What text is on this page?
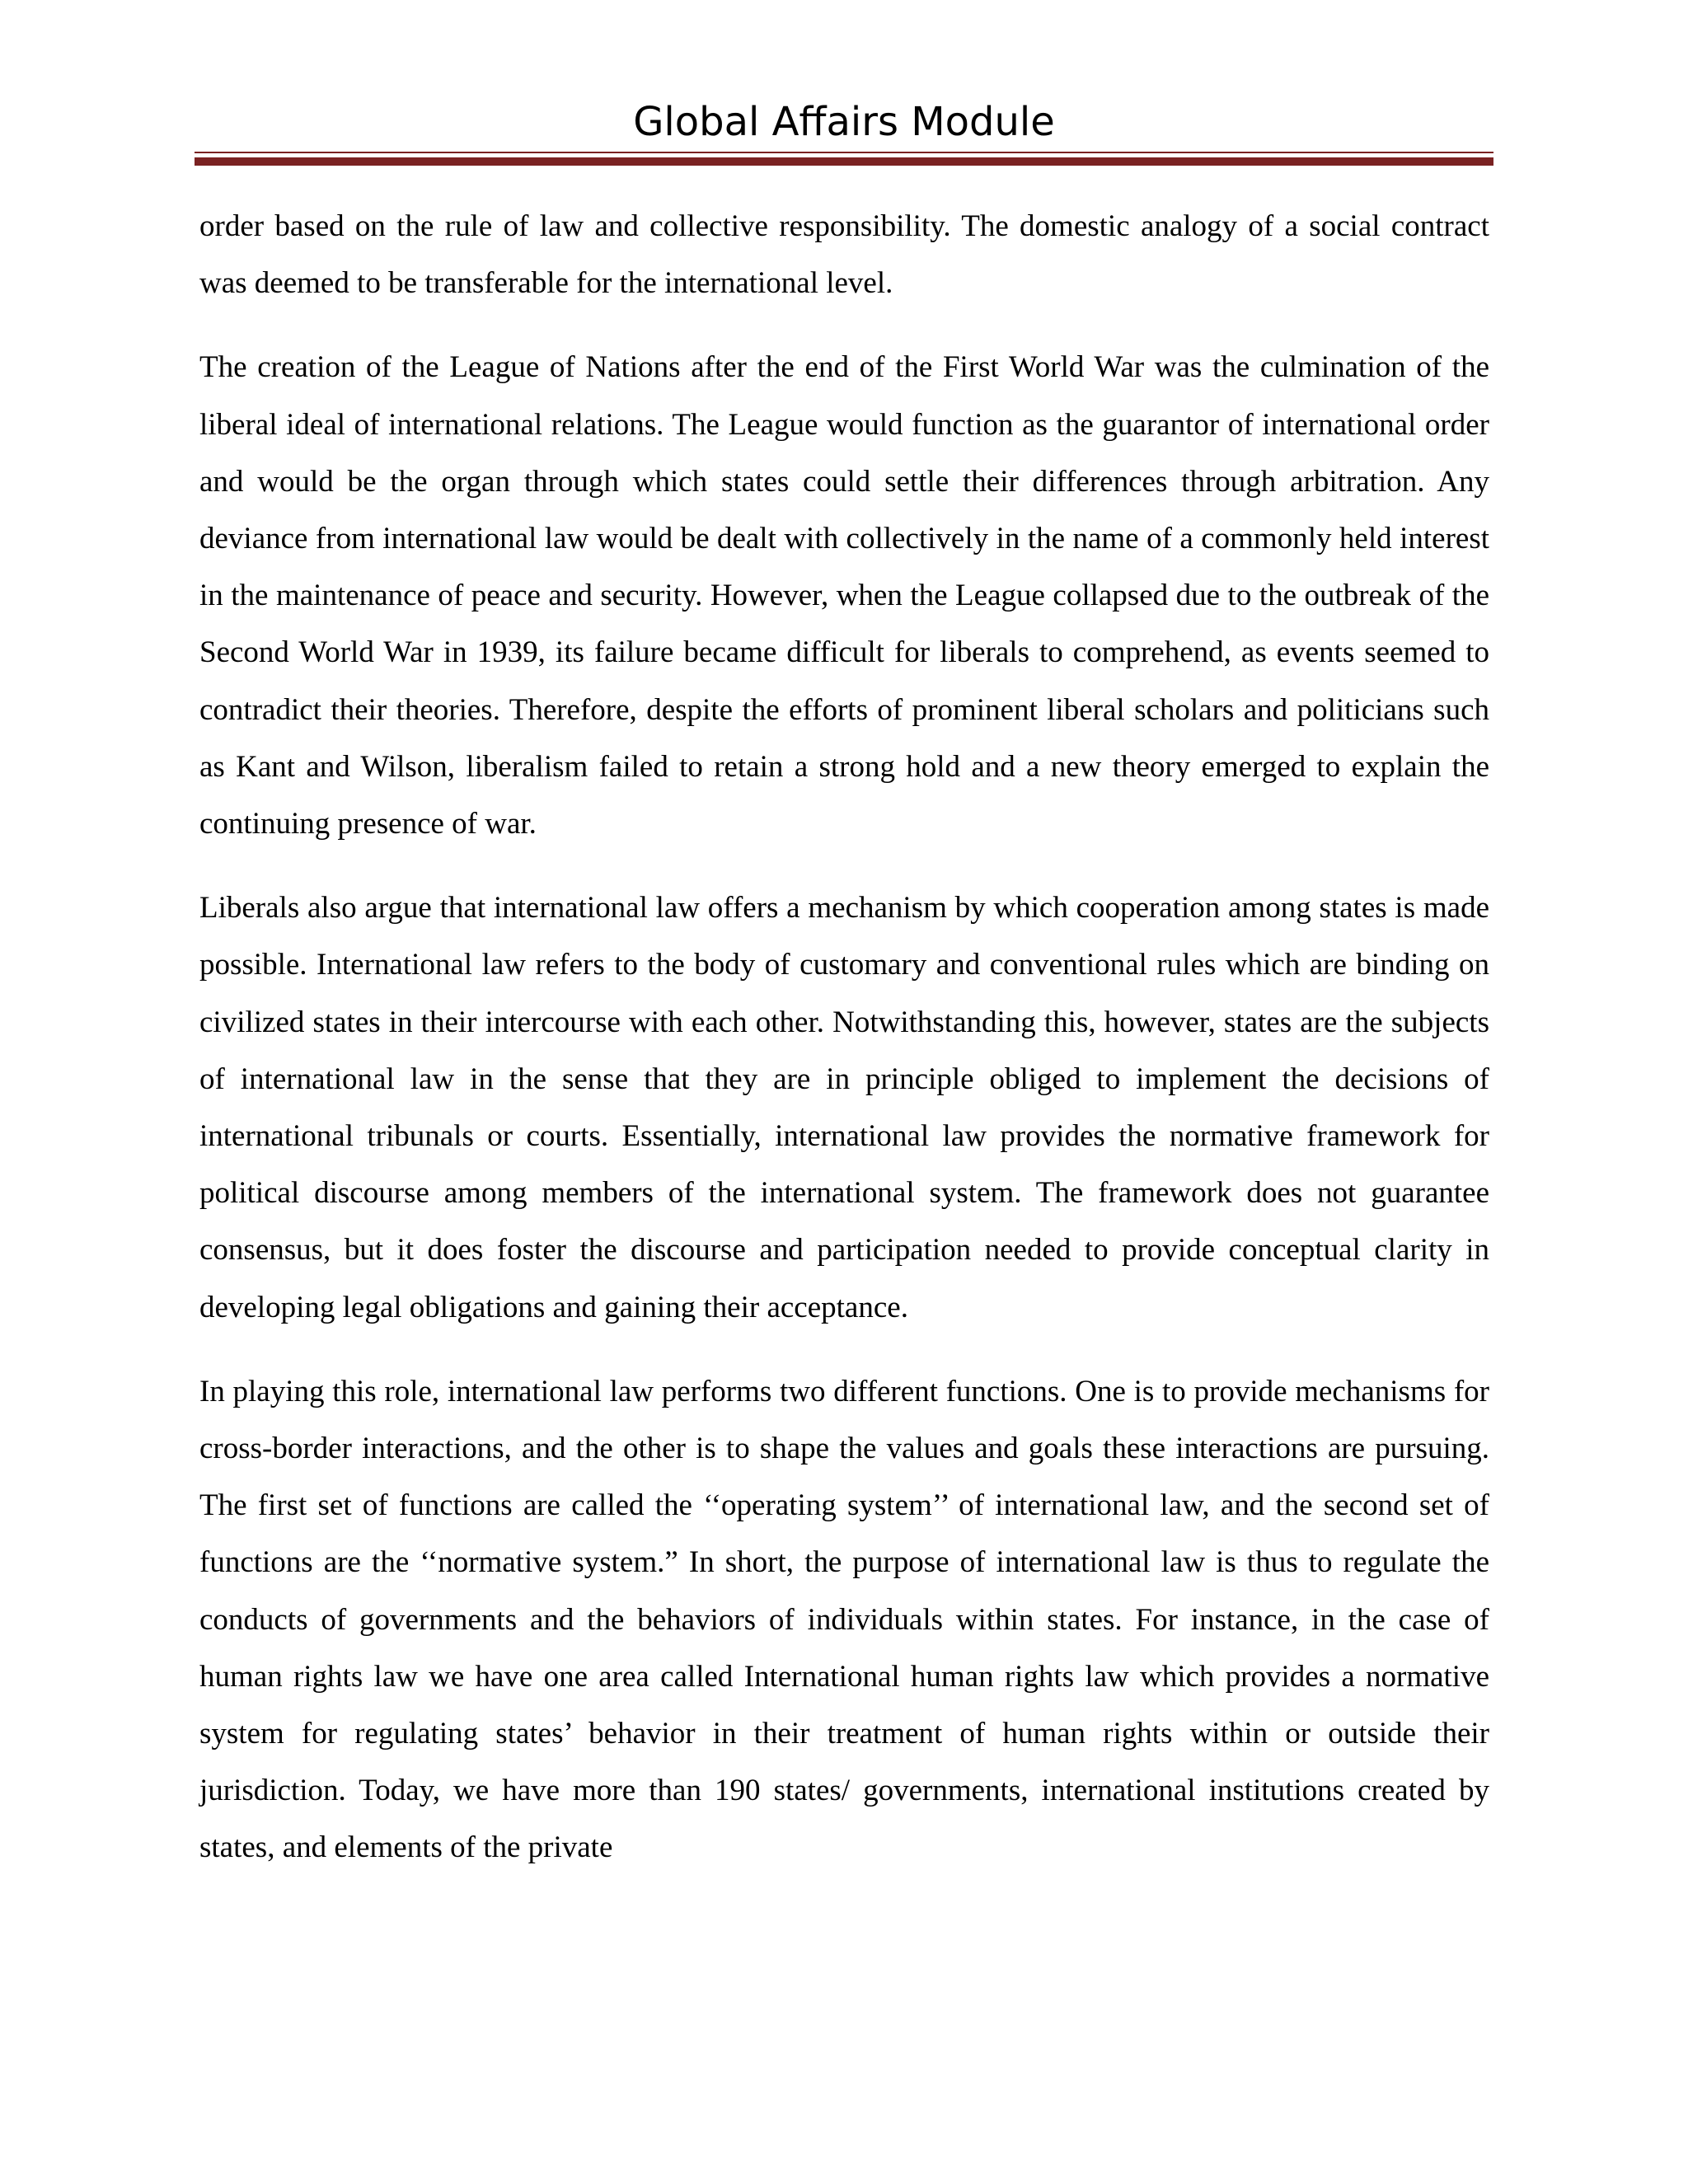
Global Affairs Module

order based on the rule of law and collective responsibility. The domestic analogy of a social contract was deemed to be transferable for the international level.

The creation of the League of Nations after the end of the First World War was the culmination of the liberal ideal of international relations. The League would function as the guarantor of international order and would be the organ through which states could settle their differences through arbitration. Any deviance from international law would be dealt with collectively in the name of a commonly held interest in the maintenance of peace and security. However, when the League collapsed due to the outbreak of the Second World War in 1939, its failure became difficult for liberals to comprehend, as events seemed to contradict their theories. Therefore, despite the efforts of prominent liberal scholars and politicians such as Kant and Wilson, liberalism failed to retain a strong hold and a new theory emerged to explain the continuing presence of war.

Liberals also argue that international law offers a mechanism by which cooperation among states is made possible. International law refers to the body of customary and conventional rules which are binding on civilized states in their intercourse with each other. Notwithstanding this, however, states are the subjects of international law in the sense that they are in principle obliged to implement the decisions of international tribunals or courts. Essentially, international law provides the normative framework for political discourse among members of the international system. The framework does not guarantee consensus, but it does foster the discourse and participation needed to provide conceptual clarity in developing legal obligations and gaining their acceptance.

In playing this role, international law performs two different functions. One is to provide mechanisms for cross-border interactions, and the other is to shape the values and goals these interactions are pursuing. The first set of functions are called the ‘‘operating system’’ of international law, and the second set of functions are the ‘‘normative system.” In short, the purpose of international law is thus to regulate the conducts of governments and the behaviors of individuals within states. For instance, in the case of human rights law we have one area called International human rights law which provides a normative system for regulating states’ behavior in their treatment of human rights within or outside their jurisdiction. Today, we have more than 190 states/ governments, international institutions created by states, and elements of the private
